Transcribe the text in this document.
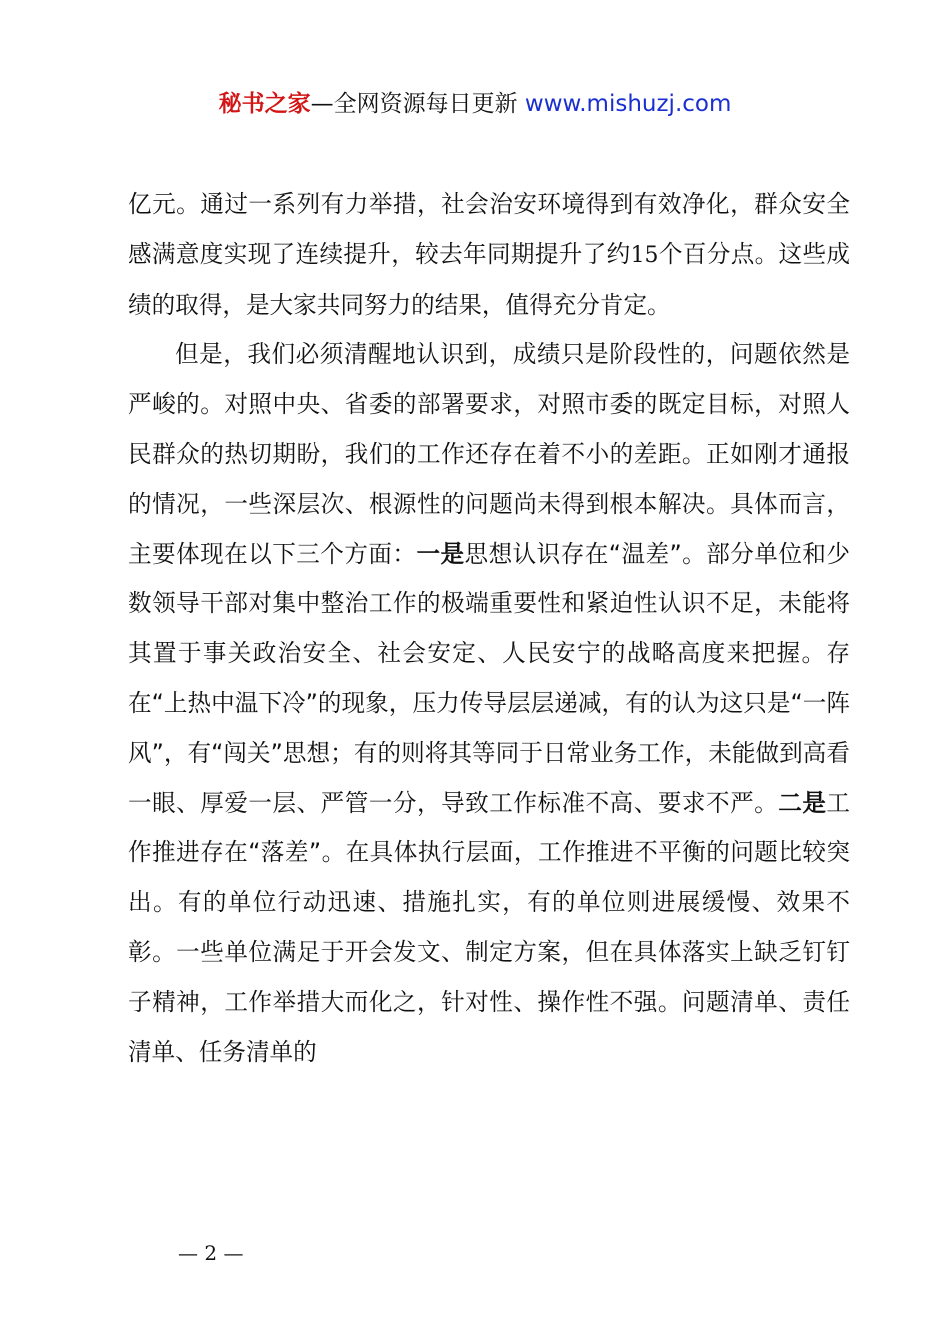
秘书之家—全网资源每日更新 www.mishuzj.com

亿元。通过一系列有力举措，社会治安环境得到有效净化，群众安全感满意度实现了连续提升，较去年同期提升了约15个百分点。这些成绩的取得，是大家共同努力的结果，值得充分肯定。

但是，我们必须清醒地认识到，成绩只是阶段性的，问题依然是严峻的。对照中央、省委的部署要求，对照市委的既定目标，对照人民群众的热切期盼，我们的工作还存在着不小的差距。正如刚才通报的情况，一些深层次、根源性的问题尚未得到根本解决。具体而言，主要体现在以下三个方面：一是思想认识存在“温差”。部分单位和少数领导干部对集中整治工作的极端重要性和紧迫性认识不足，未能将其置于事关政治安全、社会安定、人民安宁的战略高度来把握。存在“上热中温下冷”的现象，压力传导层层递减，有的认为这只是“一阵风”，有“闯关”思想；有的则将其等同于日常业务工作，未能做到高看一眼、厚爱一层、严管一分，导致工作标准不高、要求不严。二是工作推进存在“落差”。在具体执行层面，工作推进不平衡的问题比较突出。有的单位行动迅速、措施扎实，有的单位则进展缓慢、效果不彰。一些单位满足于开会发文、制定方案，但在具体落实上缺乏钉钉子精神，工作举措大而化之，针对性、操作性不强。问题清单、责任清单、任务清单的

— 2 —
